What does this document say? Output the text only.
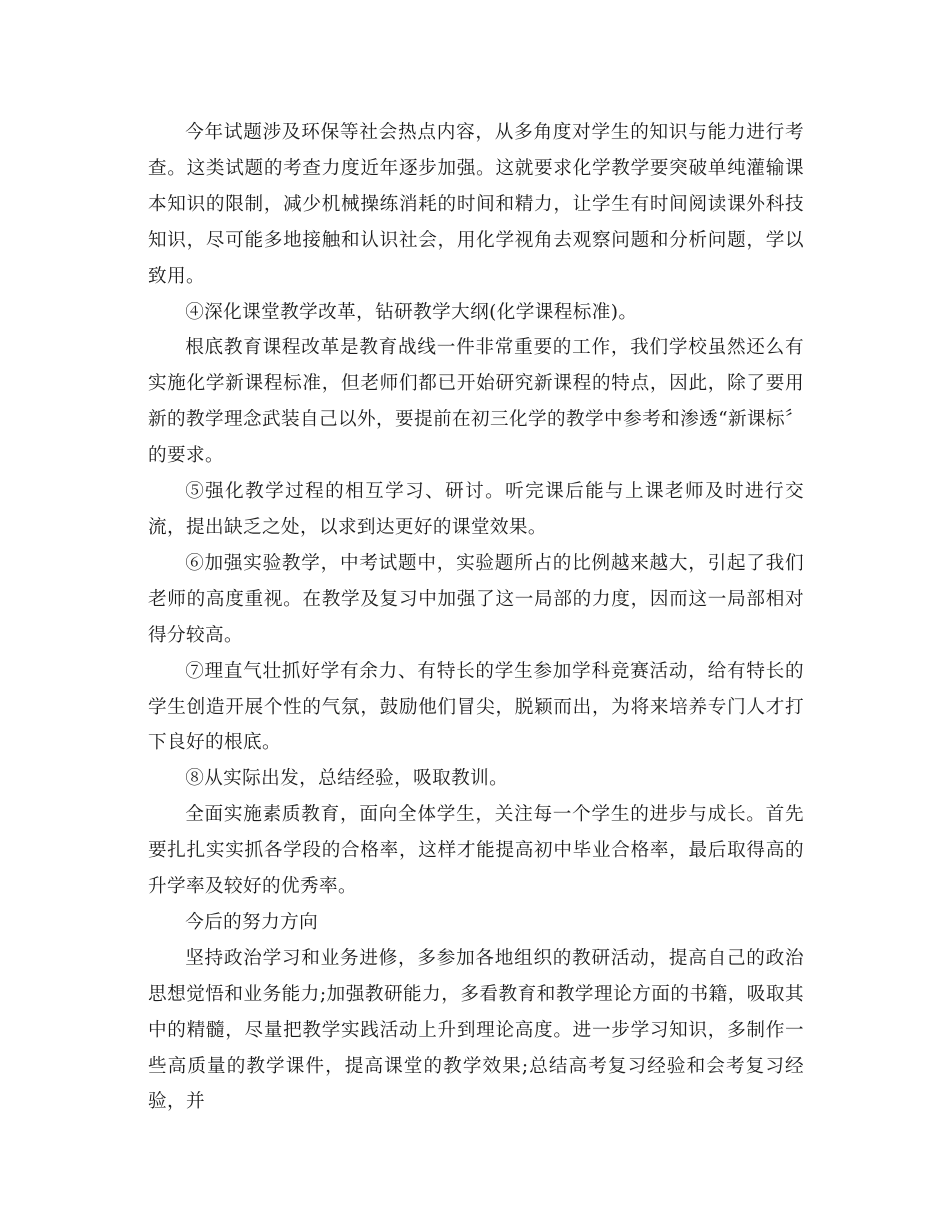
今年试题涉及环保等社会热点内容，从多角度对学生的知识与能力进行考查。这类试题的考查力度近年逐步加强。这就要求化学教学要突破单纯灌输课本知识的限制，减少机械操练消耗的时间和精力，让学生有时间阅读课外科技知识，尽可能多地接触和认识社会，用化学视角去观察问题和分析问题，学以致用。

④深化课堂教学改革，钻研教学大纲(化学课程标准)。

根底教育课程改革是教育战线一件非常重要的工作，我们学校虽然还么有实施化学新课程标准，但老师们都已开始研究新课程的特点，因此，除了要用新的教学理念武装自己以外，要提前在初三化学的教学中参考和渗透“新课标〞的要求。

⑤强化教学过程的相互学习、研讨。听完课后能与上课老师及时进行交流，提出缺乏之处，以求到达更好的课堂效果。

⑥加强实验教学，中考试题中，实验题所占的比例越来越大，引起了我们老师的高度重视。在教学及复习中加强了这一局部的力度，因而这一局部相对得分较高。

⑦理直气壮抓好学有余力、有特长的学生参加学科竞赛活动，给有特长的学生创造开展个性的气氛，鼓励他们冒尖，脱颖而出，为将来培养专门人才打下良好的根底。

⑧从实际出发，总结经验，吸取教训。

全面实施素质教育，面向全体学生，关注每一个学生的进步与成长。首先要扎扎实实抓各学段的合格率，这样才能提高初中毕业合格率，最后取得高的升学率及较好的优秀率。

今后的努力方向

坚持政治学习和业务进修，多参加各地组织的教研活动，提高自己的政治思想觉悟和业务能力;加强教研能力，多看教育和教学理论方面的书籍，吸取其中的精髓，尽量把教学实践活动上升到理论高度。进一步学习知识，多制作一些高质量的教学课件，提高课堂的教学效果;总结高考复习经验和会考复习经验，并
